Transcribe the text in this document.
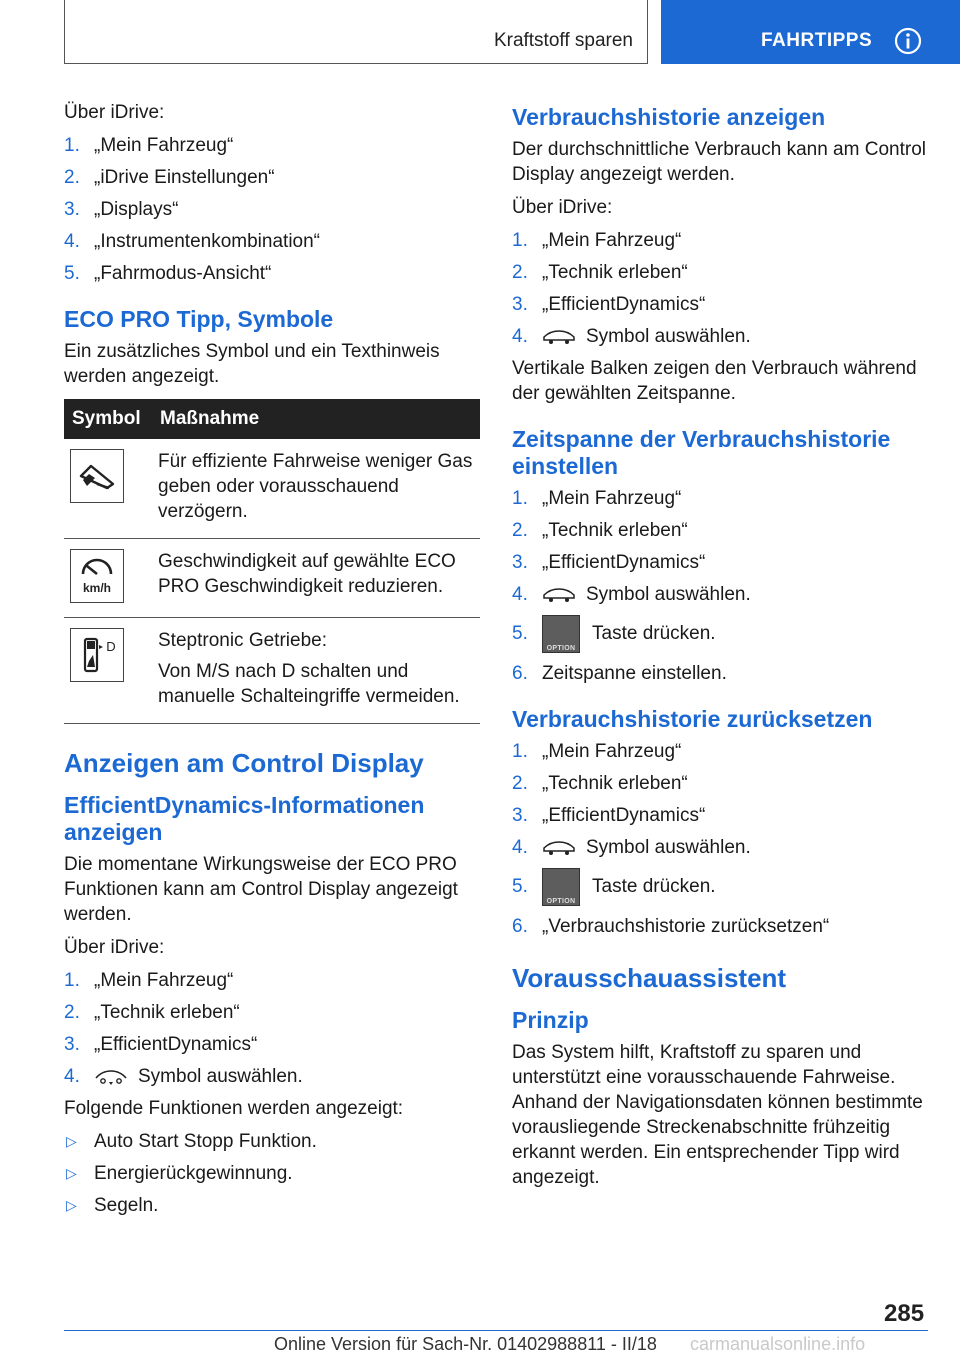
Kraftstoff sparen	FAHRTIPPS

Über iDrive:

1. „Mein Fahrzeug“
2. „iDrive Einstellungen“
3. „Displays“
4. „Instrumentenkombination“
5. „Fahrmodus-Ansicht“
ECO PRO Tipp, Symbole

Ein zusätzliches Symbol und ein Texthinweis werden angezeigt.

Symbol	Maßnahme

	Für effiziente Fahrweise weniger Gas geben oder vorausschauend verzögern.

km/h	Geschwindigkeit auf gewählte ECO PRO Geschwindigkeit reduzieren.

D	Steptronic Getriebe:

Von M/S nach D schalten und manuelle Schalteingriffe vermeiden.

Anzeigen am Control Display
EfficientDynamics-Informationen anzeigen

Die momentane Wirkungsweise der ECO PRO Funktionen kann am Control Display angezeigt werden.

Über iDrive:

1. „Mein Fahrzeug“
2. „Technik erleben“
3. „EfficientDynamics“
4.	Symbol auswählen.

Folgende Funktionen werden angezeigt:

▷ Auto Start Stopp Funktion.
▷ Energierückgewinnung.
▷ Segeln.
Verbrauchshistorie anzeigen

Der durchschnittliche Verbrauch kann am Control Display angezeigt werden.

Über iDrive:

1. „Mein Fahrzeug“
2. „Technik erleben“
3. „EfficientDynamics“
4.	Symbol auswählen.

Vertikale Balken zeigen den Verbrauch während der gewählten Zeitspanne.

Zeitspanne der Verbrauchshistorie einstellen
1. „Mein Fahrzeug“
2. „Technik erleben“
3. „EfficientDynamics“
4.	Symbol auswählen.
5.
OPTION
Taste drücken.
6. Zeitspanne einstellen.
Verbrauchshistorie zurücksetzen
1. „Mein Fahrzeug“
2. „Technik erleben“
3. „EfficientDynamics“
4.	Symbol auswählen.
5.
OPTION
Taste drücken.
6. „Verbrauchshistorie zurücksetzen“
Vorausschauassistent
Prinzip

Das System hilft, Kraftstoff zu sparen und unterstützt eine vorausschauende Fahrweise. Anhand der Navigationsdaten können bestimmte vorausliegende Streckenabschnitte frühzeitig erkannt werden. Ein entsprechender Tipp wird angezeigt.

285
Online Version für Sach-Nr. 01402988811 - II/18 carmanualsonline.info
